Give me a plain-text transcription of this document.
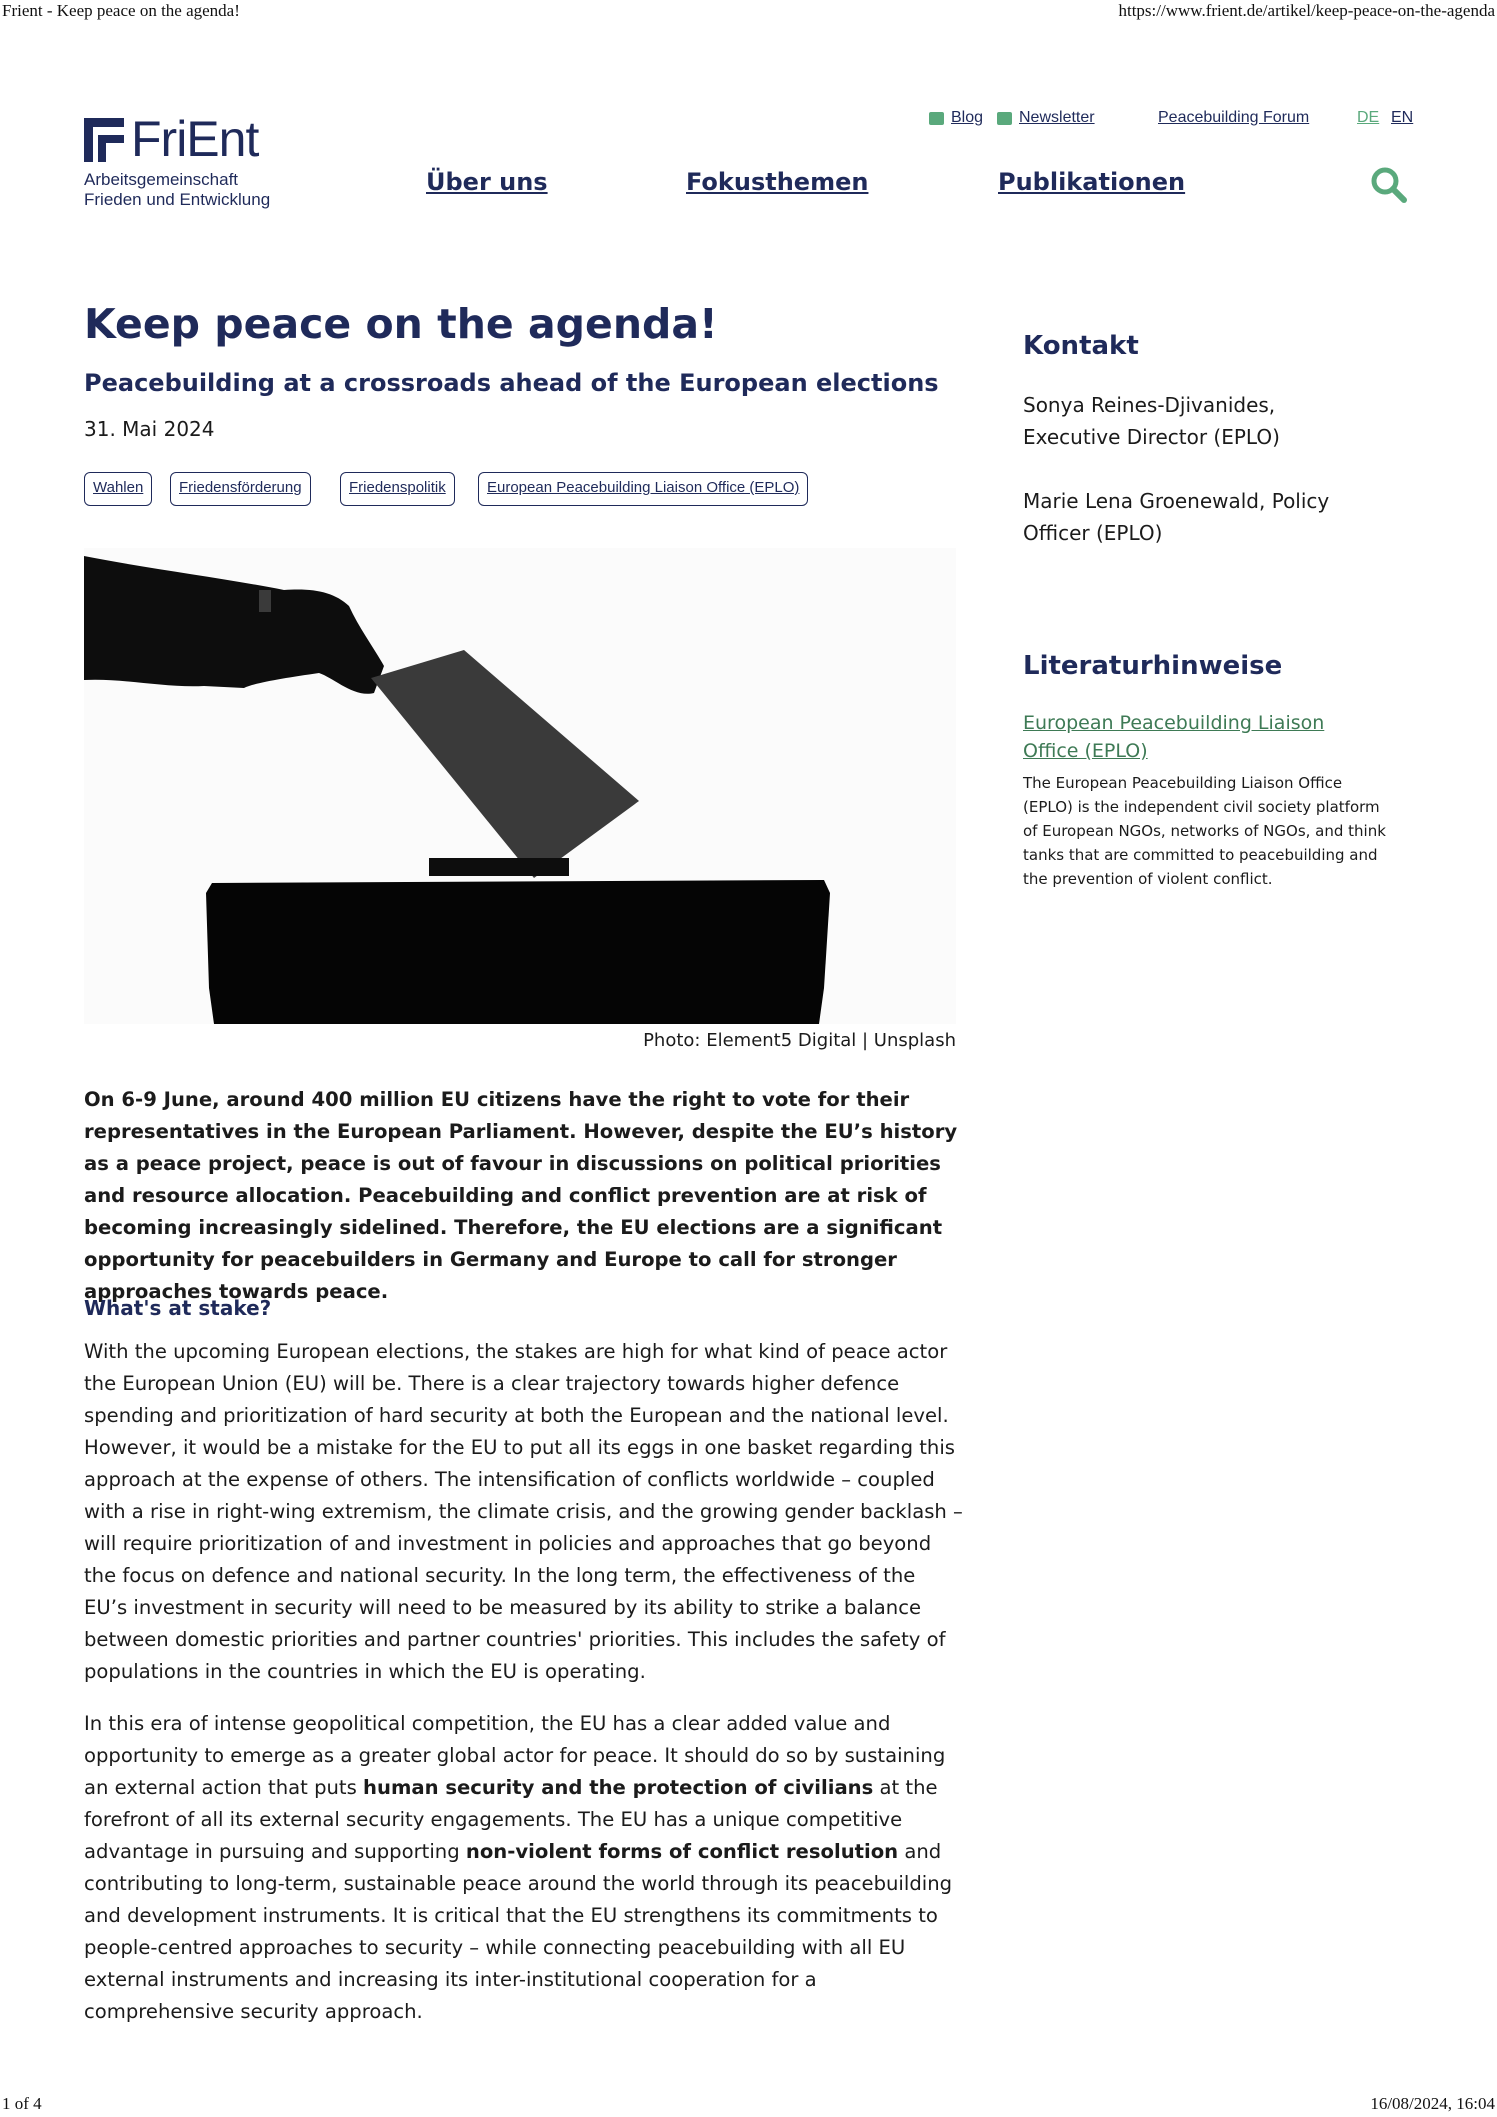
Frient - Keep peace on the agenda!	https://www.frient.de/artikel/keep-peace-on-the-agenda
FriEnt
Arbeitsgemeinschaft
Frieden und Entwicklung
Blog Newsletter	Peacebuilding Forum	DE EN
Über uns	Fokusthemen	Publikationen
Keep peace on the agenda!
Peacebuilding at a crossroads ahead of the European elections
31. Mai 2024
Wahlen	Friedensförderung	Friedenspolitik	European Peacebuilding Liaison Office (EPLO)
Photo: Element5 Digital | Unsplash

On 6-9 June, around 400 million EU citizens have the right to vote for their representatives in the European Parliament. However, despite the EU’s history as a peace project, peace is out of favour in discussions on political priorities and resource allocation. Peacebuilding and conflict prevention are at risk of becoming increasingly sidelined. Therefore, the EU elections are a significant opportunity for peacebuilders in Germany and Europe to call for stronger approaches towards peace.

What's at stake?

With the upcoming European elections, the stakes are high for what kind of peace actor the European Union (EU) will be. There is a clear trajectory towards higher defence spending and prioritization of hard security at both the European and the national level. However, it would be a mistake for the EU to put all its eggs in one basket regarding this approach at the expense of others. The intensification of conflicts worldwide – coupled with a rise in right-wing extremism, the climate crisis, and the growing gender backlash – will require prioritization of and investment in policies and approaches that go beyond the focus on defence and national security. In the long term, the effectiveness of the EU’s investment in security will need to be measured by its ability to strike a balance between domestic priorities and partner countries' priorities. This includes the safety of populations in the countries in which the EU is operating.

In this era of intense geopolitical competition, the EU has a clear added value and opportunity to emerge as a greater global actor for peace. It should do so by sustaining an external action that puts human security and the protection of civilians at the forefront of all its external security engagements. The EU has a unique competitive advantage in pursuing and supporting non-violent forms of conflict resolution and contributing to long-term, sustainable peace around the world through its peacebuilding and development instruments. It is critical that the EU strengthens its commitments to people-centred approaches to security – while connecting peacebuilding with all EU external instruments and increasing its inter-institutional cooperation for a comprehensive security approach.

Kontakt
Sonya Reines-Djivanides, Executive Director (EPLO)
Marie Lena Groenewald, Policy Officer (EPLO)
Literaturhinweise
European Peacebuilding Liaison Office (EPLO)

The European Peacebuilding Liaison Office (EPLO) is the independent civil society platform of European NGOs, networks of NGOs, and think tanks that are committed to peacebuilding and the prevention of violent conflict.

1 of 4	16/08/2024, 16:04
